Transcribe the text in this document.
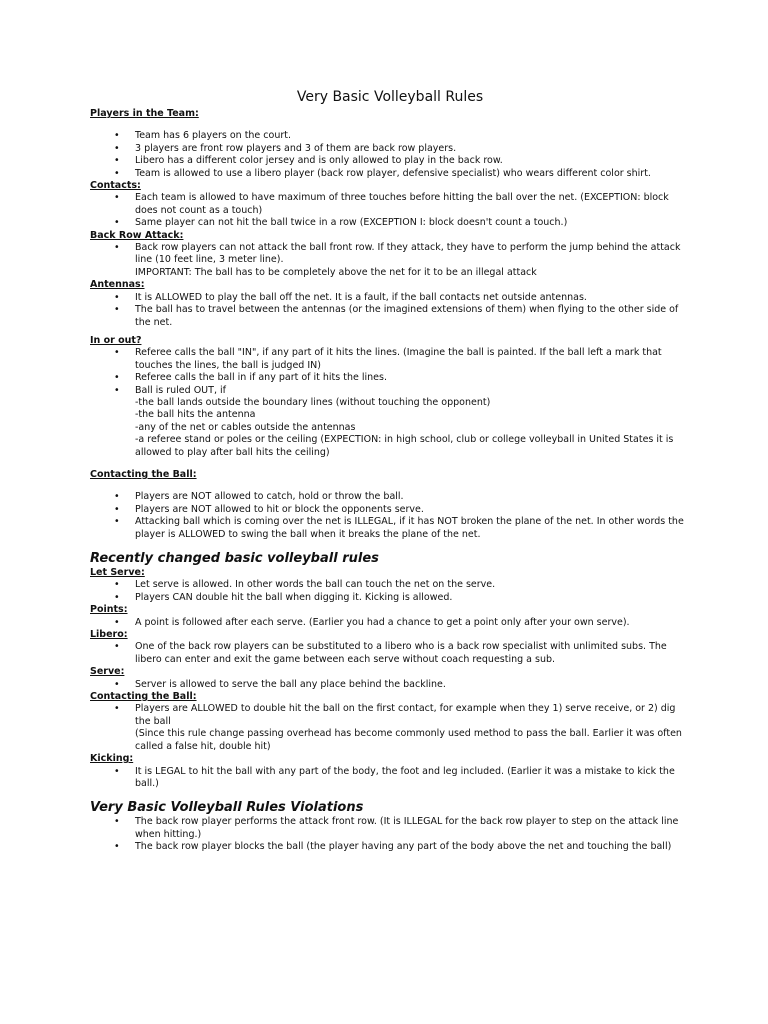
Very Basic Volleyball Rules
Players in the Team:
• Team has 6 players on the court.
• 3 players are front row players and 3 of them are back row players.
• Libero has a different color jersey and is only allowed to play in the back row.
• Team is allowed to use a libero player (back row player, defensive specialist) who wears different color shirt.
Contacts:
• Each team is allowed to have maximum of three touches before hitting the ball over the net. (EXCEPTION: block does not count as a touch)
• Same player can not hit the ball twice in a row (EXCEPTION I: block doesn't count a touch.)
Back Row Attack:
• Back row players can not attack the ball front row. If they attack, they have to perform the jump behind the attack line (10 feet line, 3 meter line).
IMPORTANT: The ball has to be completely above the net for it to be an illegal attack
Antennas:
• It is ALLOWED to play the ball off the net. It is a fault, if the ball contacts net outside antennas.
• The ball has to travel between the antennas (or the imagined extensions of them) when flying to the other side of the net.
In or out?
• Referee calls the ball "IN", if any part of it hits the lines. (Imagine the ball is painted. If the ball left a mark that touches the lines, the ball is judged IN)
• Referee calls the ball in if any part of it hits the lines.
• Ball is ruled OUT, if
-the ball lands outside the boundary lines (without touching the opponent)
-the ball hits the antenna
-any of the net or cables outside the antennas
-a referee stand or poles or the ceiling (EXPECTION: in high school, club or college volleyball in United States it is allowed to play after ball hits the ceiling)
Contacting the Ball:
• Players are NOT allowed to catch, hold or throw the ball.
• Players are NOT allowed to hit or block the opponents serve.
• Attacking ball which is coming over the net is ILLEGAL, if it has NOT broken the plane of the net. In other words the player is ALLOWED to swing the ball when it breaks the plane of the net.
Recently changed basic volleyball rules
Let Serve:
• Let serve is allowed. In other words the ball can touch the net on the serve.
• Players CAN double hit the ball when digging it. Kicking is allowed.
Points:
• A point is followed after each serve. (Earlier you had a chance to get a point only after your own serve).
Libero:
• One of the back row players can be substituted to a libero who is a back row specialist with unlimited subs. The libero can enter and exit the game between each serve without coach requesting a sub.
Serve:
• Server is allowed to serve the ball any place behind the backline.
Contacting the Ball:
• Players are ALLOWED to double hit the ball on the first contact, for example when they 1) serve receive, or 2) dig the ball
(Since this rule change passing overhead has become commonly used method to pass the ball. Earlier it was often called a false hit, double hit)
Kicking:
• It is LEGAL to hit the ball with any part of the body, the foot and leg included. (Earlier it was a mistake to kick the ball.)
Very Basic Volleyball Rules Violations
• The back row player performs the attack front row. (It is ILLEGAL for the back row player to step on the attack line when hitting.)
• The back row player blocks the ball (the player having any part of the body above the net and touching the ball)
